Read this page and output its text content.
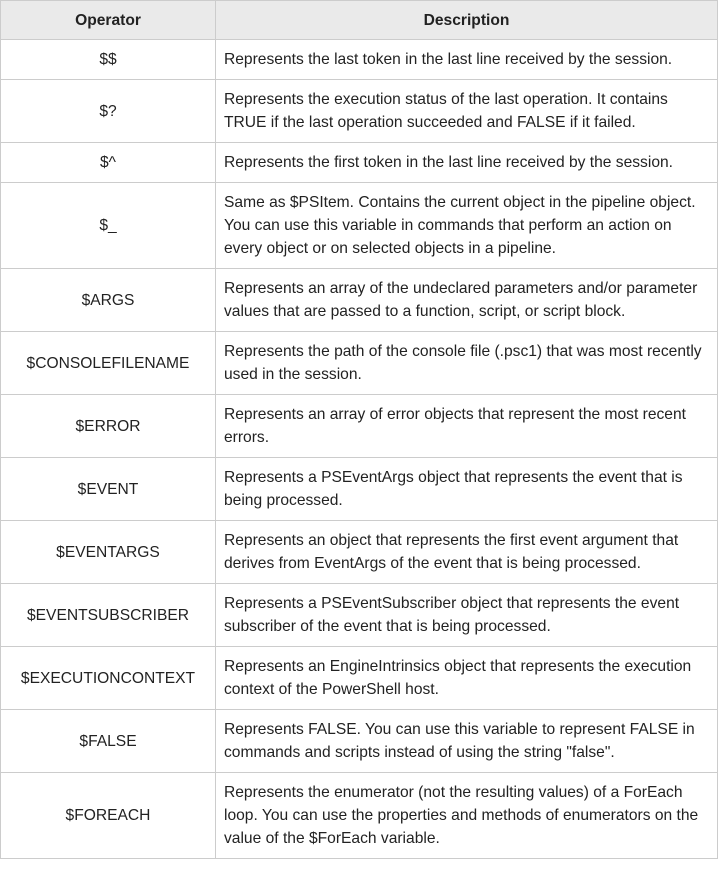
Operator	Description
$$	Represents the last token in the last line received by the session.
$?	Represents the execution status of the last operation. It contains TRUE if the last operation succeeded and FALSE if it failed.
$^	Represents the first token in the last line received by the session.
$_	Same as $PSItem. Contains the current object in the pipeline object. You can use this variable in commands that perform an action on every object or on selected objects in a pipeline.
$ARGS	Represents an array of the undeclared parameters and/or parameter values that are passed to a function, script, or script block.
$CONSOLEFILENAME	Represents the path of the console file (.psc1) that was most recently used in the session.
$ERROR	Represents an array of error objects that represent the most recent errors.
$EVENT	Represents a PSEventArgs object that represents the event that is being processed.
$EVENTARGS	Represents an object that represents the first event argument that derives from EventArgs of the event that is being processed.
$EVENTSUBSCRIBER	Represents a PSEventSubscriber object that represents the event subscriber of the event that is being processed.
$EXECUTIONCONTEXT	Represents an EngineIntrinsics object that represents the execution context of the PowerShell host.
$FALSE	Represents FALSE. You can use this variable to represent FALSE in commands and scripts instead of using the string "false".
$FOREACH	Represents the enumerator (not the resulting values) of a ForEach loop. You can use the properties and methods of enumerators on the value of the $ForEach variable.
